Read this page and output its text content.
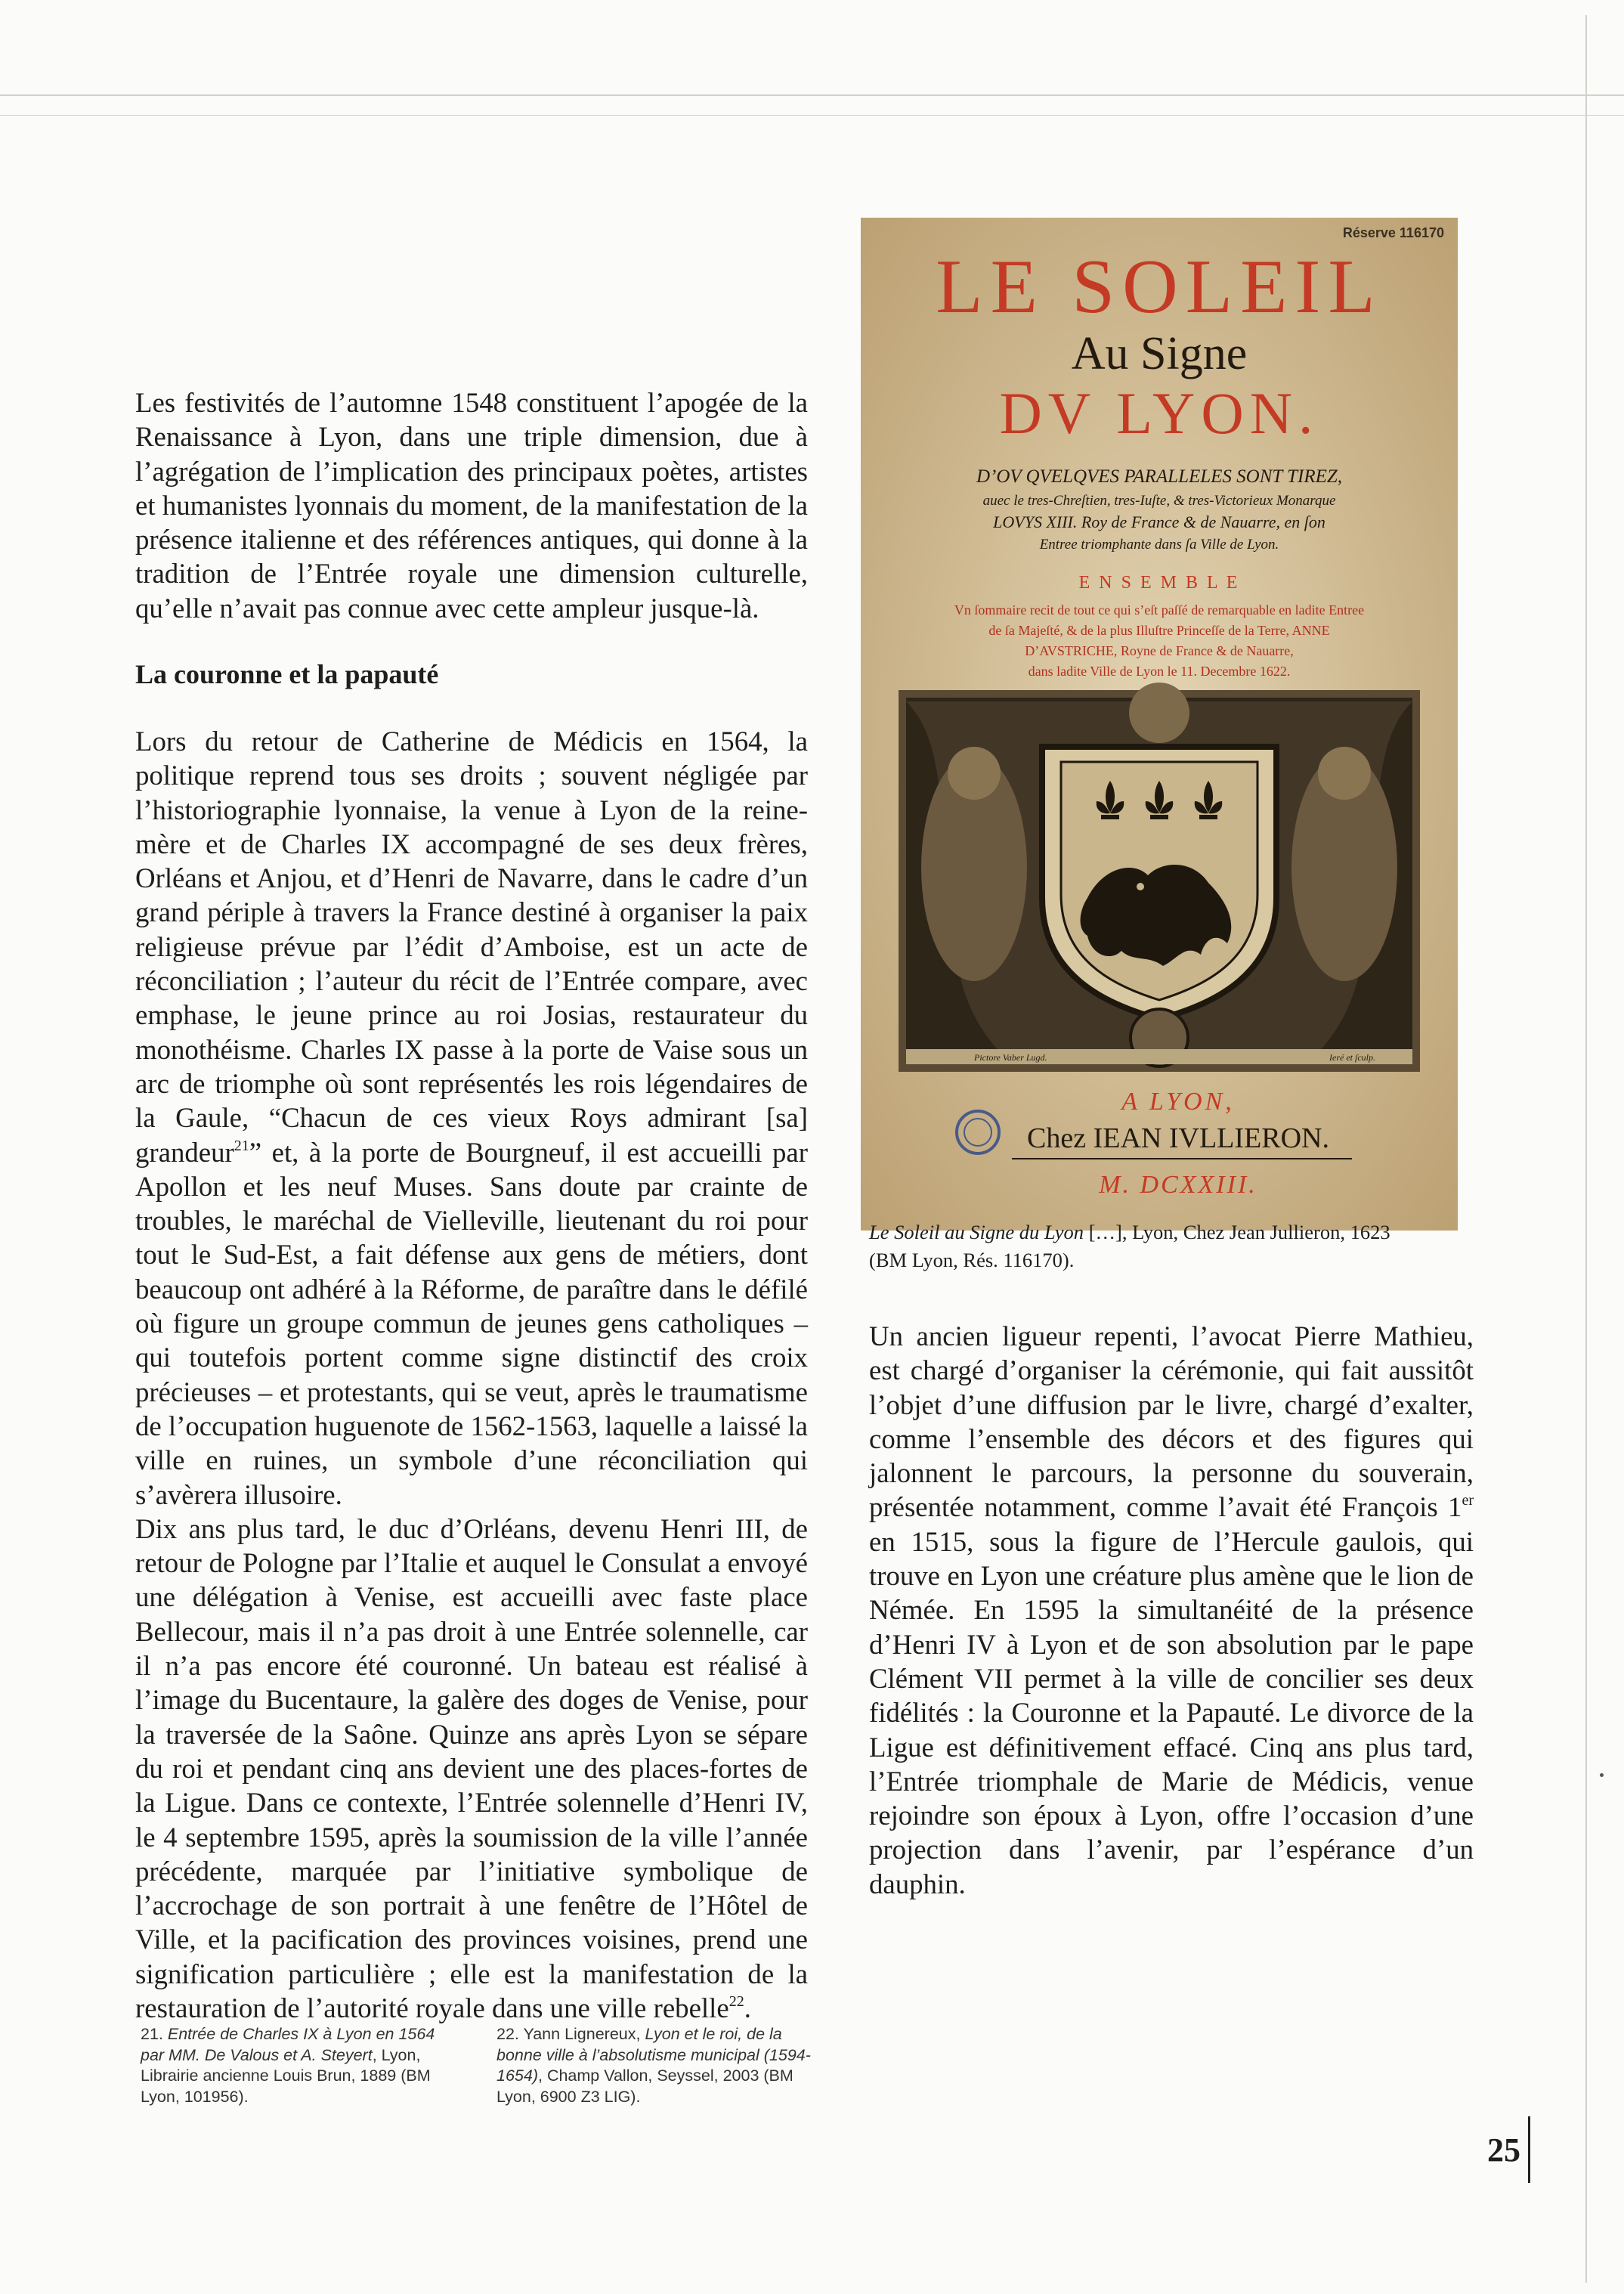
Les festivités de l’automne 1548 constituent l’apogée de la Renaissance à Lyon, dans une triple dimension, due à l’agrégation de l’implication des principaux poètes, artistes et humanistes lyonnais du moment, de la manifestation de la présence italienne et des références antiques, qui donne à la tradition de l’Entrée royale une dimension culturelle, qu’elle n’avait pas connue avec cette ampleur jusque-là.

La couronne et la papauté

Lors du retour de Catherine de Médicis en 1564, la politique reprend tous ses droits ; souvent négligée par l’historiographie lyonnaise, la venue à Lyon de la reine-mère et de Charles IX accompagné de ses deux frères, Orléans et Anjou, et d’Henri de Navarre, dans le cadre d’un grand périple à travers la France destiné à organiser la paix religieuse prévue par l’édit d’Amboise, est un acte de réconciliation ; l’auteur du récit de l’Entrée compare, avec emphase, le jeune prince au roi Josias, restaurateur du monothéisme. Charles IX passe à la porte de Vaise sous un arc de triomphe où sont représentés les rois légendaires de la Gaule, “Chacun de ces vieux Roys admirant [sa] grandeur$^{21}$” et, à la porte de Bourgneuf, il est accueilli par Apollon et les neuf Muses. Sans doute par crainte de troubles, le maréchal de Vielleville, lieutenant du roi pour tout le Sud-Est, a fait défense aux gens de métiers, dont beaucoup ont adhéré à la Réforme, de paraître dans le défilé où figure un groupe commun de jeunes gens catholiques – qui toutefois portent comme signe distinctif des croix précieuses – et protestants, qui se veut, après le traumatisme de l’occupation huguenote de 1562-1563, laquelle a laissé la ville en ruines, un symbole d’une réconciliation qui s’avèrera illusoire.

Dix ans plus tard, le duc d’Orléans, devenu Henri III, de retour de Pologne par l’Italie et auquel le Consulat a envoyé une délégation à Venise, est accueilli avec faste place Bellecour, mais il n’a pas droit à une Entrée solennelle, car il n’a pas encore été couronné. Un bateau est réalisé à l’image du Bucentaure, la galère des doges de Venise, pour la traversée de la Saône. Quinze ans après Lyon se sépare du roi et pendant cinq ans devient une des places-fortes de la Ligue. Dans ce contexte, l’Entrée solennelle d’Henri IV, le 4 septembre 1595, après la soumission de la ville l’année précédente, marquée par l’initiative symbolique de l’accrochage de son portrait à une fenêtre de l’Hôtel de Ville, et la pacification des provinces voisines, prend une signification particulière ; elle est la manifestation de la restauration de l’autorité royale dans une ville rebelle$^{22}$.

Réserve 116170
LE SOLEIL
Au Signe
DV LYON.
D’OV QVELQVES PARALLELES SONT TIREZ,
auec le tres-Chreſtien, tres-Iuſte, & tres-Victorieux Monarque
LOVYS XIII. Roy de France & de Nauarre, en ſon
Entree triomphante dans ſa Ville de Lyon.
E N S E M B L E
Vn ſommaire recit de tout ce qui s’eſt paſſé de remarquable en ladite Entree
de ſa Majeſté, & de la plus Illuſtre Princeſſe de la Terre, ANNE
D’AVSTRICHE, Royne de France & de Nauarre,
dans ladite Ville de Lyon le 11. Decembre 1622.
Pictore Vaber Lugd.	Ieré et ſculp.
A LYON,
Chez IEAN IVLLIERON.
M. DCXXIII.
Le Soleil au Signe du Lyon […], Lyon, Chez Jean Jullieron, 1623
(BM Lyon, Rés. 116170).

Un ancien ligueur repenti, l’avocat Pierre Mathieu, est chargé d’organiser la cérémonie, qui fait aussitôt l’objet d’une diffusion par le livre, chargé d’exalter, comme l’ensemble des décors et des figures qui jalonnent le parcours, la personne du souverain, présentée notamment, comme l’avait été François 1er en 1515, sous la figure de l’Hercule gaulois, qui trouve en Lyon une créature plus amène que le lion de Némée. En 1595 la simultanéité de la présence d’Henri IV à Lyon et de son absolution par le pape Clément VII permet à la ville de concilier ses deux fidélités : la Couronne et la Papauté. Le divorce de la Ligue est définitivement effacé. Cinq ans plus tard, l’Entrée triomphale de Marie de Médicis, venue rejoindre son époux à Lyon, offre l’occasion d’une projection dans l’avenir, par l’espérance d’un dauphin.

21. Entrée de Charles IX à Lyon en 1564 par MM. De Valous et A. Steyert, Lyon, Librairie ancienne Louis Brun, 1889 (BM Lyon, 101956).
22. Yann Lignereux, Lyon et le roi, de la bonne ville à l’absolutisme municipal (1594-1654), Champ Vallon, Seyssel, 2003 (BM Lyon, 6900 Z3 LIG).
25
